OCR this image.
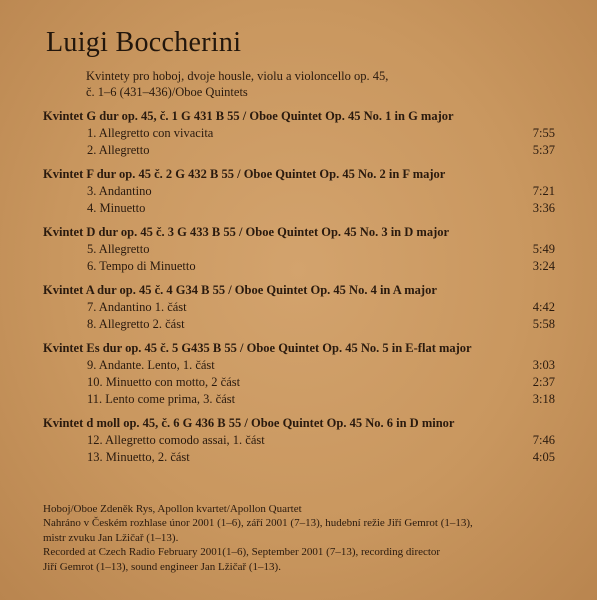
Luigi Boccherini
Kvintety pro hoboj, dvoje housle, violu a violoncello op. 45,
č. 1–6 (431–436)/Oboe Quintets
Kvintet G dur op. 45, č. 1 G 431 B 55 / Oboe Quintet Op. 45 No. 1 in G major
1. Allegretto con vivacita	7:55
2. Allegretto	5:37
Kvintet F dur op. 45 č. 2 G 432 B 55 / Oboe Quintet Op. 45 No. 2 in F major
3. Andantino	7:21
4. Minuetto	3:36
Kvintet D dur op. 45 č. 3 G 433 B 55 / Oboe Quintet Op. 45 No. 3 in D major
5. Allegretto	5:49
6. Tempo di Minuetto	3:24
Kvintet A dur op. 45 č. 4 G34 B 55 / Oboe Quintet Op. 45 No. 4 in A major
7. Andantino 1. část	4:42
8. Allegretto 2. část	5:58
Kvintet Es dur op. 45 č. 5 G435 B 55 / Oboe Quintet Op. 45 No. 5 in E-flat major
9. Andante. Lento, 1. část	3:03
10. Minuetto con motto, 2 část	2:37
11. Lento come prima, 3. část	3:18
Kvintet d moll op. 45, č. 6 G 436 B 55 / Oboe Quintet Op. 45 No. 6 in D minor
12. Allegretto comodo assai, 1. část	7:46
13. Minuetto, 2. část	4:05
Hoboj/Oboe Zdeněk Rys, Apollon kvartet/Apollon Quartet
Nahráno v Českém rozhlase únor 2001 (1–6), září 2001 (7–13), hudební režie Jiří Gemrot (1–13),
mistr zvuku Jan Lžičař (1–13).
Recorded at Czech Radio February 2001(1–6), September 2001 (7–13), recording director
Jiří Gemrot (1–13), sound engineer Jan Lžičař (1–13).
